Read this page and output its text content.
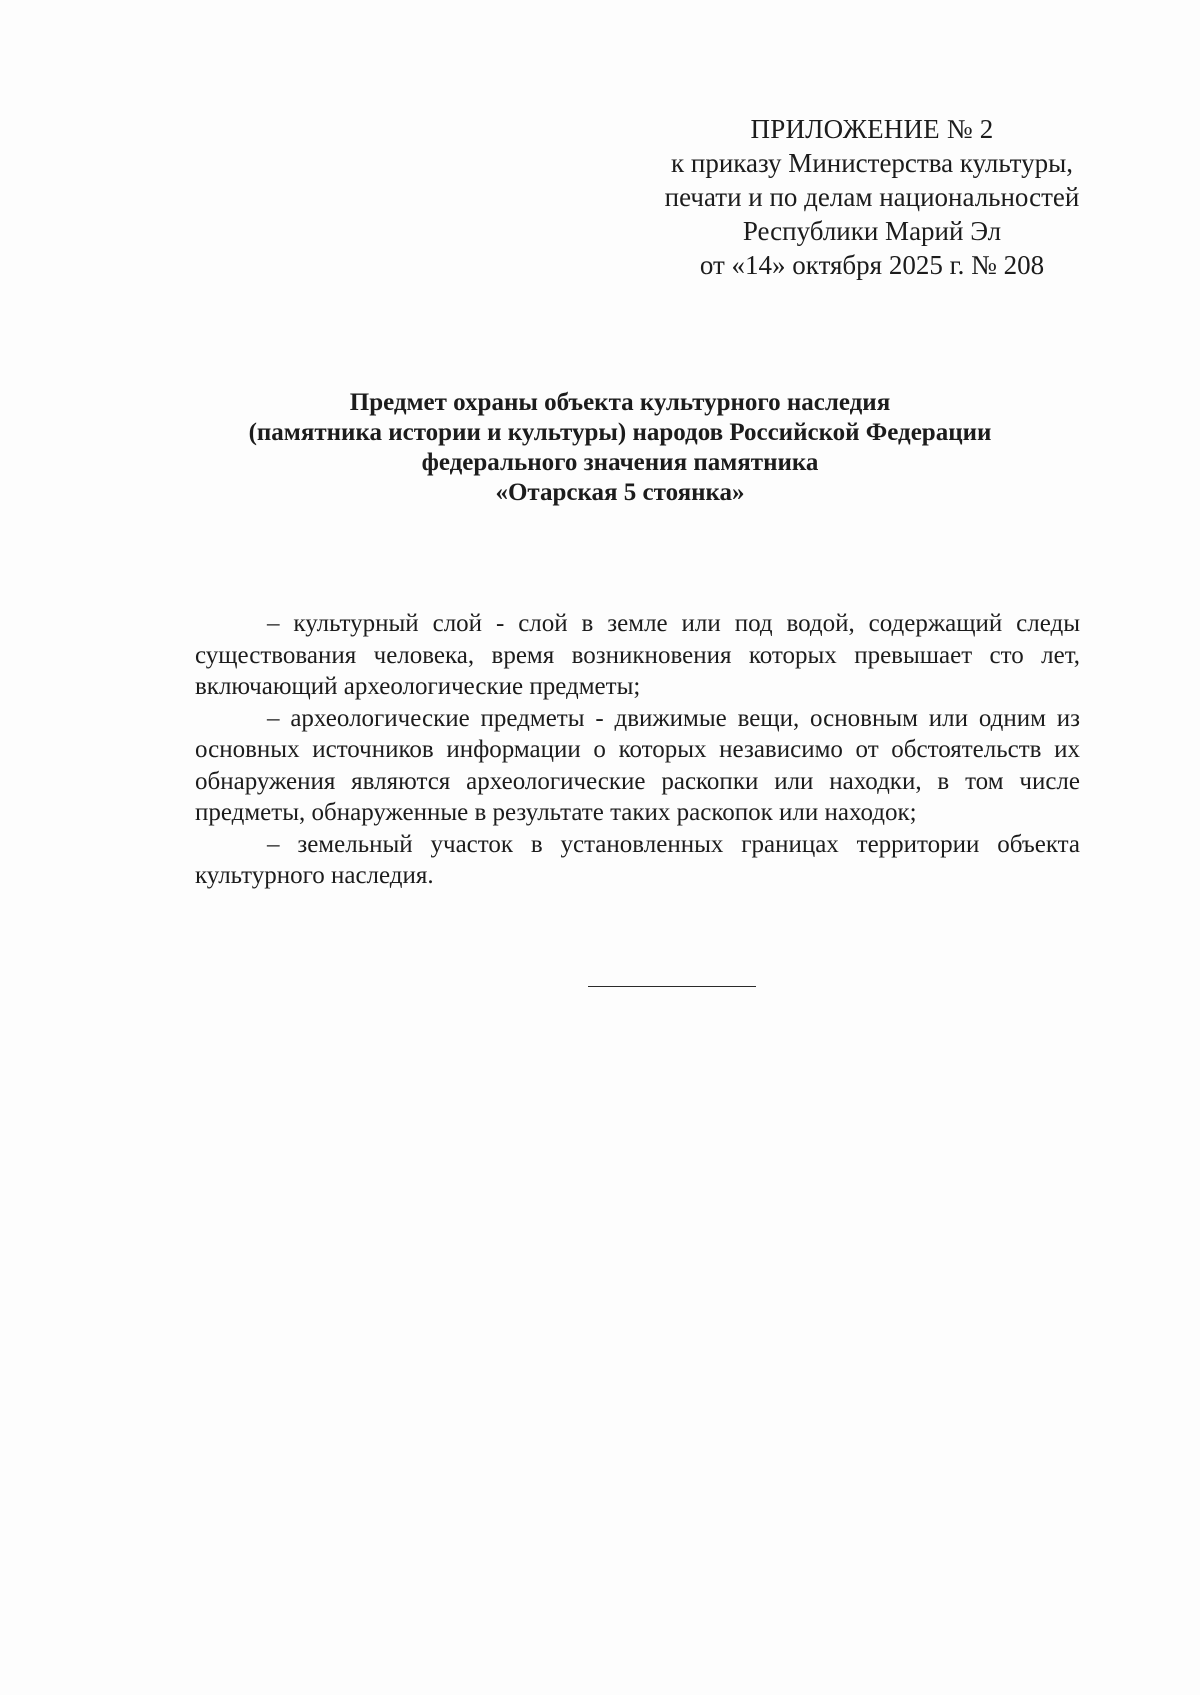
ПРИЛОЖЕНИЕ № 2
к приказу Министерства культуры,
печати и по делам национальностей
Республики Марий Эл
от «14» октября 2025 г. № 208
Предмет охраны объекта культурного наследия
(памятника истории и культуры) народов Российской Федерации
федерального значения памятника
«Отарская 5 стоянка»

– культурный слой - слой в земле или под водой, содержащий следы существования человека, время возникновения которых превышает сто лет, включающий археологические предметы;

– археологические предметы - движимые вещи, основным или одним из основных источников информации о которых независимо от обстоятельств их обнаружения являются археологические раскопки или находки, в том числе предметы, обнаруженные в результате таких раскопок или находок;

– земельный участок в установленных границах территории объекта культурного наследия.
